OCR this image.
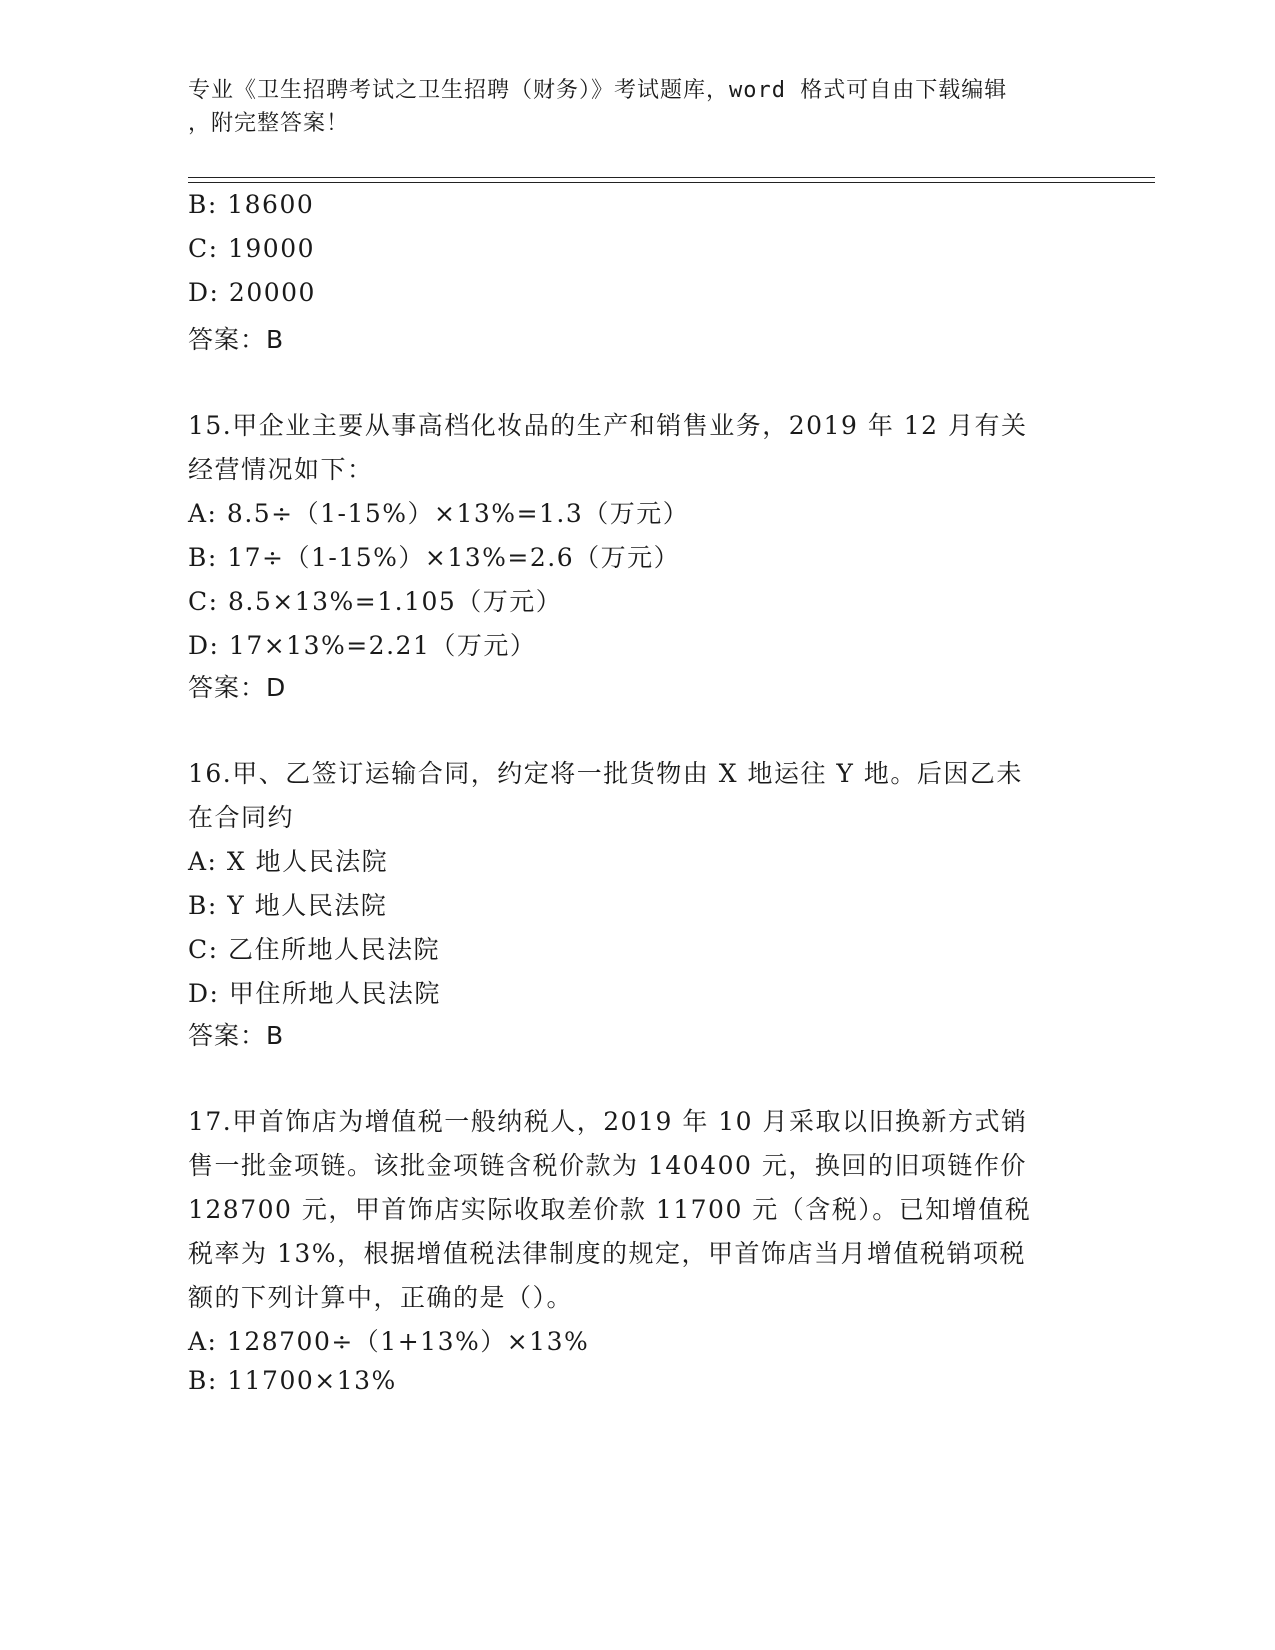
专业《卫生招聘考试之卫生招聘（财务）》考试题库，word 格式可自由下载编辑
，附完整答案！
B: 18600
C: 19000
D: 20000
答案：B
15.甲企业主要从事高档化妆品的生产和销售业务，2019 年 12 月有关
经营情况如下：
A: 8.5÷（1-15%）×13%=1.3（万元）
B: 17÷（1-15%）×13%=2.6（万元）
C: 8.5×13%=1.105（万元）
D: 17×13%=2.21（万元）
答案：D
16.甲、乙签订运输合同，约定将一批货物由 X 地运往 Y 地。后因乙未
在合同约
A: X 地人民法院
B: Y 地人民法院
C: 乙住所地人民法院
D: 甲住所地人民法院
答案：B
17.甲首饰店为增值税一般纳税人，2019 年 10 月采取以旧换新方式销
售一批金项链。该批金项链含税价款为 140400 元，换回的旧项链作价
128700 元，甲首饰店实际收取差价款 11700 元（含税）。已知增值税
税率为 13%，根据增值税法律制度的规定，甲首饰店当月增值税销项税
额的下列计算中，正确的是（）。
A: 128700÷（1+13%）×13%
B: 11700×13%
